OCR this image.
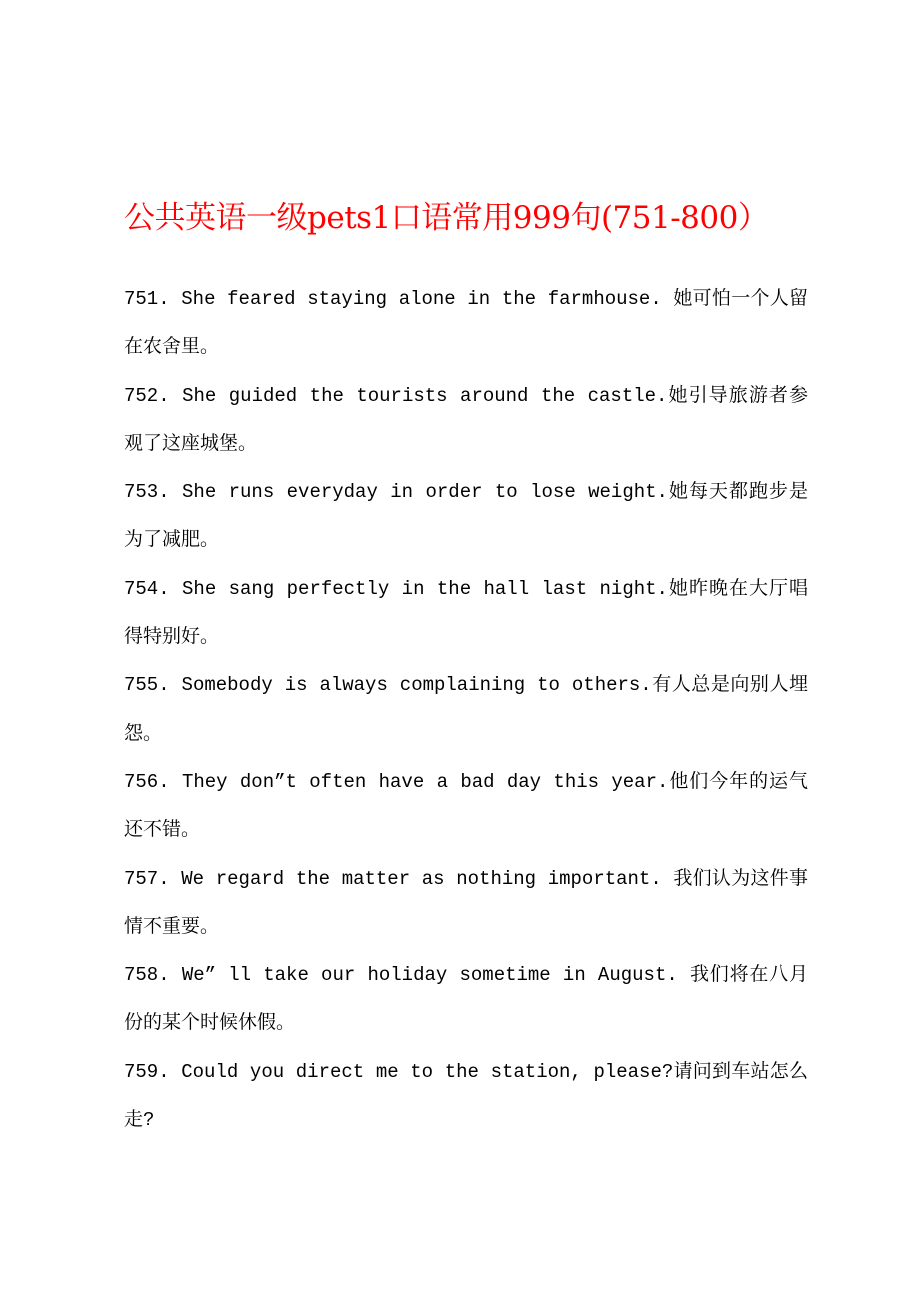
公共英语一级pets1口语常用999句(751-800）
751. She feared staying alone in the farmhouse. 她可怕一个人留在农舍里。
752. She guided the tourists around the castle.她引导旅游者参观了这座城堡。
753. She runs everyday in order to lose weight.她每天都跑步是为了减肥。
754. She sang perfectly in the hall last night.她昨晚在大厅唱得特别好。
755. Somebody is always complaining to others.有人总是向别人埋怨。
756. They don”t often have a bad day this year.他们今年的运气还不错。
757. We regard the matter as nothing important. 我们认为这件事情不重要。
758. We” ll take our holiday sometime in August. 我们将在八月份的某个时候休假。
759. Could you direct me to the station, please?请问到车站怎么走?
